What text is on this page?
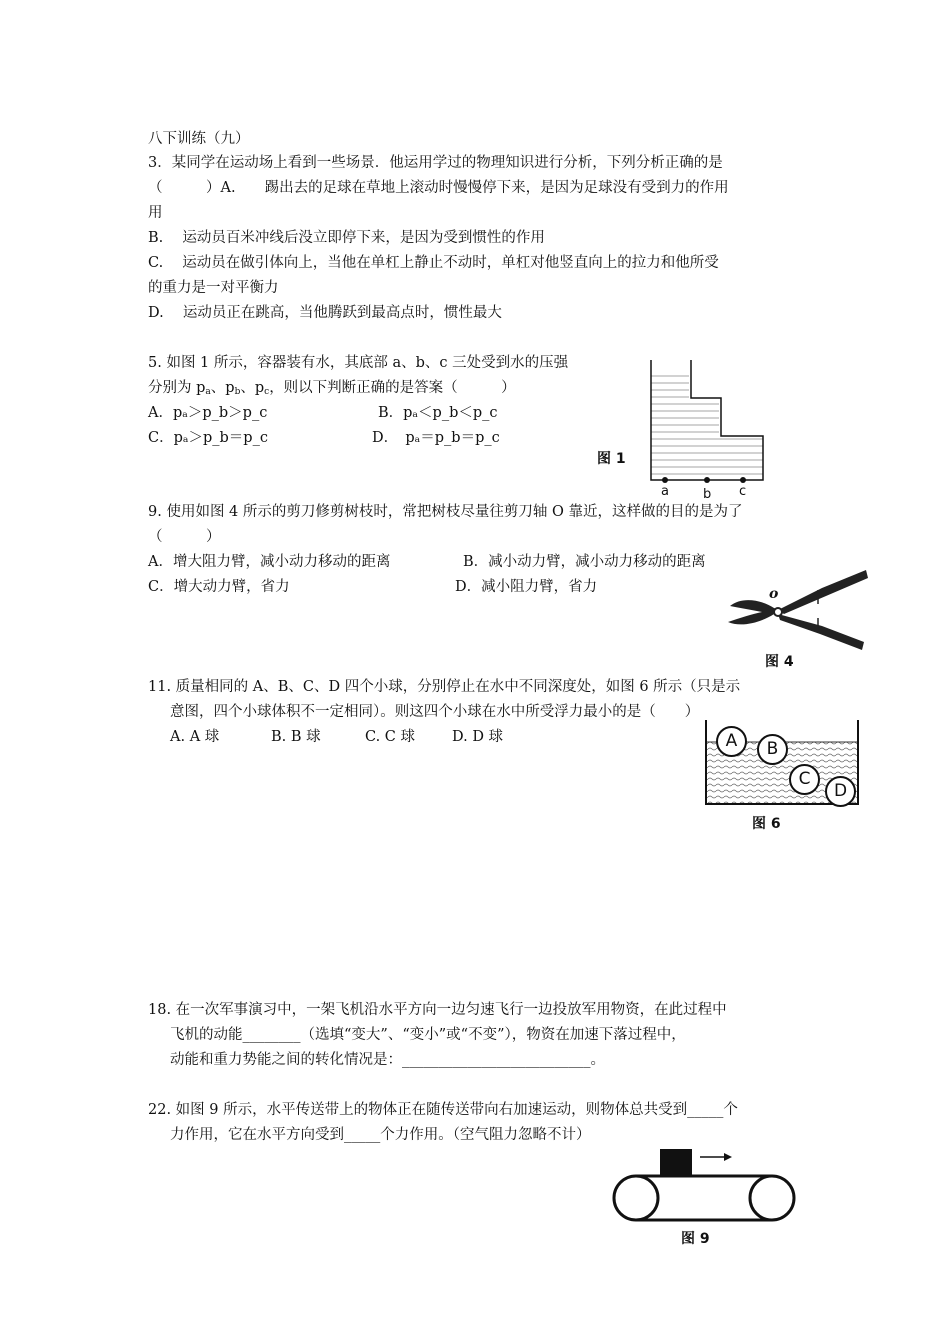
八下训练（九）
3．某同学在运动场上看到一些场景．他运用学过的物理知识进行分析，下列分析正确的是
（　　　）A.　　踢出去的足球在草地上滚动时慢慢停下来，是因为足球没有受到力的作用
用
B.　 运动员百米冲线后没立即停下来，是因为受到惯性的作用
C.　 运动员在做引体向上，当他在单杠上静止不动时，单杠对他竖直向上的拉力和他所受
的重力是一对平衡力
D.　 运动员正在跳高，当他腾跃到最高点时，惯性最大
5. 如图 1 所示，容器装有水，其底部 a、b、c 三处受到水的压强
分别为 $p_a$、$p_b$、$p_c$，则以下判断正确的是答案（　　　）
A．pₐ＞p_b＞p_c	B．pₐ＜p_b＜p_c
C．pₐ＞p_b＝p_c	D．　pₐ＝p_b＝p_c
a	b c
图 1
9. 使用如图 4 所示的剪刀修剪树枝时，常把树枝尽量往剪刀轴 O 靠近，这样做的目的是为了
（　　　）
A．增大阻力臂，减小动力移动的距离	B．减小动力臂，减小动力移动的距离
C．增大动力臂，省力	D．减小阻力臂，省力	o
图 4
11. 质量相同的 A、B、C、D 四个小球，分别停止在水中不同深度处，如图 6 所示（只是示
意图，四个小球体积不一定相同）。则这四个小球在水中所受浮力最小的是（　　）
A. A 球	B. B 球	C. C 球	D. D 球	A	B
C
D
图 6
18. 在一次军事演习中，一架飞机沿水平方向一边匀速飞行一边投放军用物资，在此过程中
飞机的动能________（选填“变大”、“变小”或“不变”），物资在加速下落过程中，
动能和重力势能之间的转化情况是：__________________________。
22. 如图 9 所示，水平传送带上的物体正在随传送带向右加速运动，则物体总共受到_____个
力作用，它在水平方向受到_____个力作用。（空气阻力忽略不计）
图 9
